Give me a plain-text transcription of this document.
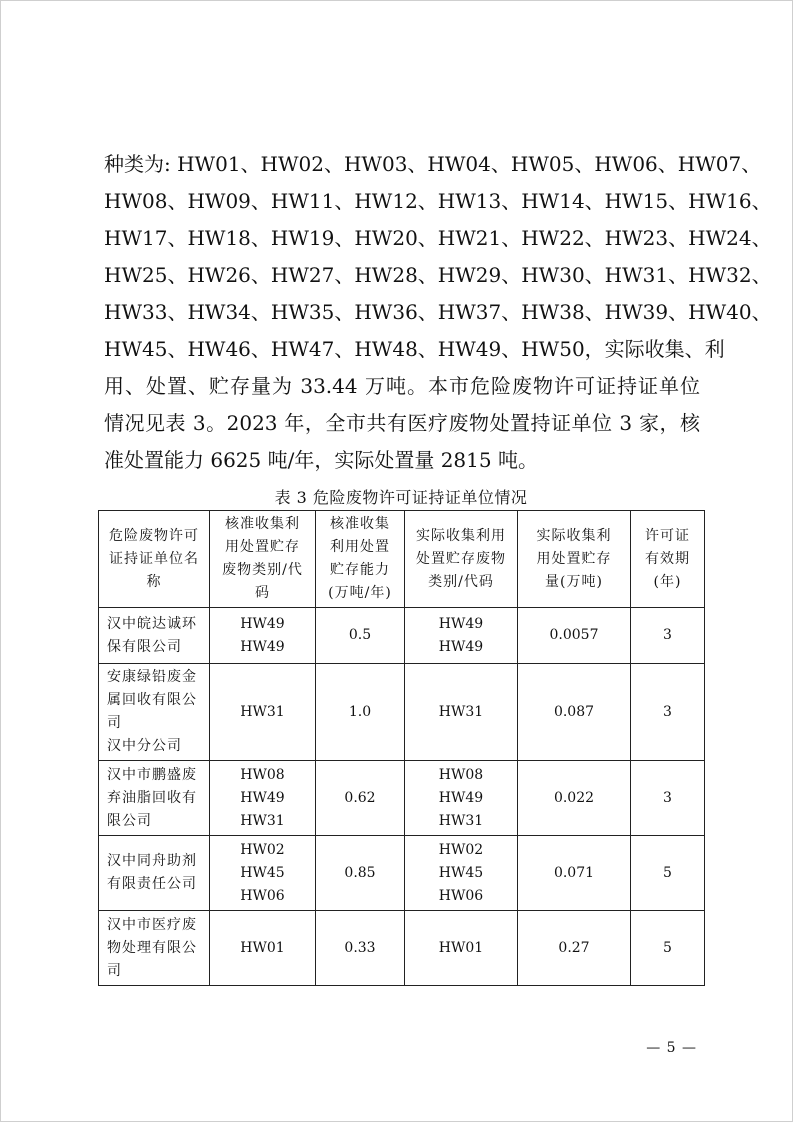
种类为: HW01、HW02、HW03、HW04、HW05、HW06、HW07、
HW08、HW09、HW11、HW12、HW13、HW14、HW15、HW16、
HW17、HW18、HW19、HW20、HW21、HW22、HW23、HW24、
HW25、HW26、HW27、HW28、HW29、HW30、HW31、HW32、
HW33、HW34、HW35、HW36、HW37、HW38、HW39、HW40、
HW45、HW46、HW47、HW48、HW49、HW50，实际收集、利
用、处置、贮存量为 33.44 万吨。本市危险废物许可证持证单位
情况见表 3。2023 年，全市共有医疗废物处置持证单位 3 家，核
准处置能力 6625 吨/年，实际处置量 2815 吨。
表 3 危险废物许可证持证单位情况
危险废物许可
证持证单位名
称	核准收集利
用处置贮存
废物类别/代
码	核准收集
利用处置
贮存能力
(万吨/年)	实际收集利用
处置贮存废物
类别/代码	实际收集利
用处置贮存
量(万吨)	许可证
有效期
(年)

汉中皖达诚环
保有限公司	HW49
HW49	0.5	HW49
HW49	0.0057	3

安康绿铅废金
属回收有限公司
汉中分公司	HW31	1.0	HW31	0.087	3

汉中市鹏盛废
弃油脂回收有
限公司	HW08
HW49
HW31	0.62	HW08
HW49
HW31	0.022	3

汉中同舟助剂
有限责任公司	HW02
HW45
HW06	0.85	HW02
HW45
HW06	0.071	5

汉中市医疗废
物处理有限公
司	HW01	0.33	HW01	0.27	5
— 5 —
